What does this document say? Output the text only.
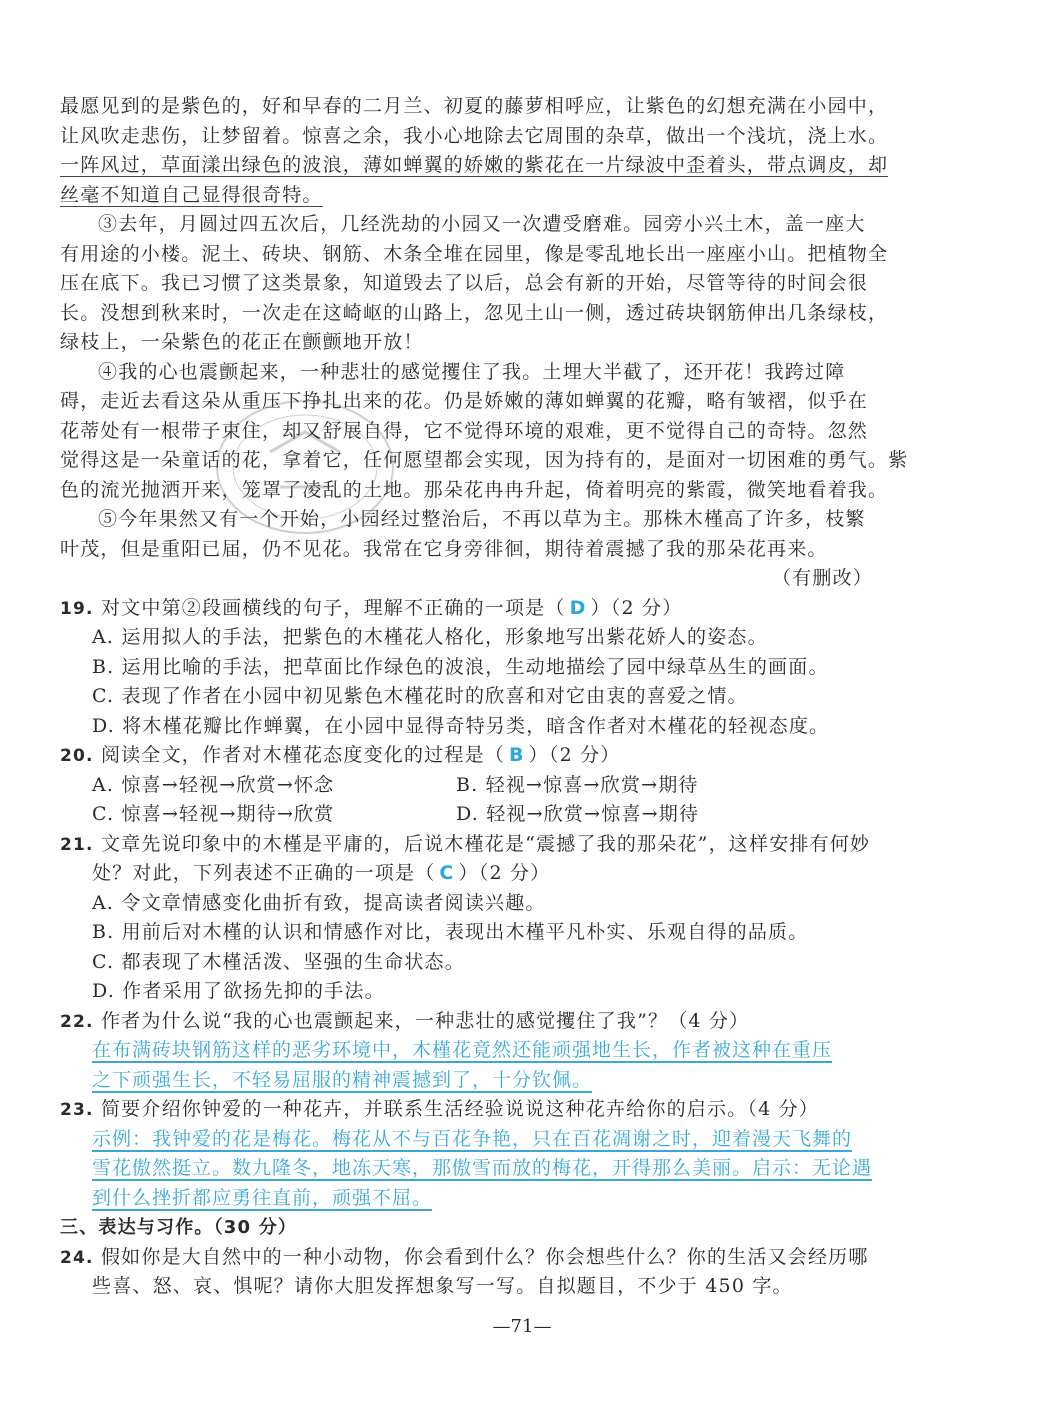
最愿见到的是紫色的，好和早春的二月兰、初夏的藤萝相呼应，让紫色的幻想充满在小园中，
让风吹走悲伤，让梦留着。惊喜之余，我小心地除去它周围的杂草，做出一个浅坑，浇上水。
一阵风过，草面漾出绿色的波浪，薄如蝉翼的娇嫩的紫花在一片绿波中歪着头，带点调皮，却
丝毫不知道自己显得很奇特。
③去年，月圆过四五次后，几经洗劫的小园又一次遭受磨难。园旁小兴土木，盖一座大
有用途的小楼。泥土、砖块、钢筋、木条全堆在园里，像是零乱地长出一座座小山。把植物全
压在底下。我已习惯了这类景象，知道毁去了以后，总会有新的开始，尽管等待的时间会很
长。没想到秋来时，一次走在这崎岖的山路上，忽见土山一侧，透过砖块钢筋伸出几条绿枝，
绿枝上，一朵紫色的花正在颤颤地开放！
④我的心也震颤起来，一种悲壮的感觉攫住了我。土埋大半截了，还开花！我跨过障
碍，走近去看这朵从重压下挣扎出来的花。仍是娇嫩的薄如蝉翼的花瓣，略有皱褶，似乎在
花蒂处有一根带子束住，却又舒展自得，它不觉得环境的艰难，更不觉得自己的奇特。忽然
觉得这是一朵童话的花，拿着它，任何愿望都会实现，因为持有的，是面对一切困难的勇气。紫
色的流光抛洒开来，笼罩了凌乱的土地。那朵花冉冉升起，倚着明亮的紫霞，微笑地看着我。
⑤今年果然又有一个开始，小园经过整治后，不再以草为主。那株木槿高了许多，枝繁
叶茂，但是重阳已届，仍不见花。我常在它身旁徘徊，期待着震撼了我的那朵花再来。
（有删改）
19. 对文中第②段画横线的句子，理解不正确的一项是（ D ）（2 分）
A. 运用拟人的手法，把紫色的木槿花人格化，形象地写出紫花娇人的姿态。
B. 运用比喻的手法，把草面比作绿色的波浪，生动地描绘了园中绿草丛生的画面。
C. 表现了作者在小园中初见紫色木槿花时的欣喜和对它由衷的喜爱之情。
D. 将木槿花瓣比作蝉翼，在小园中显得奇特另类，暗含作者对木槿花的轻视态度。
20. 阅读全文，作者对木槿花态度变化的过程是（ B ）（2 分）
A. 惊喜→轻视→欣赏→怀念	B. 轻视→惊喜→欣赏→期待
C. 惊喜→轻视→期待→欣赏	D. 轻视→欣赏→惊喜→期待
21. 文章先说印象中的木槿是平庸的，后说木槿花是“震撼了我的那朵花”，这样安排有何妙
处？对此，下列表述不正确的一项是（ C ）（2 分）
A. 令文章情感变化曲折有致，提高读者阅读兴趣。
B. 用前后对木槿的认识和情感作对比，表现出木槿平凡朴实、乐观自得的品质。
C. 都表现了木槿活泼、坚强的生命状态。
D. 作者采用了欲扬先抑的手法。
22. 作者为什么说“我的心也震颤起来，一种悲壮的感觉攫住了我”？（4 分）
在布满砖块钢筋这样的恶劣环境中，木槿花竟然还能顽强地生长，作者被这种在重压
之下顽强生长，不轻易屈服的精神震撼到了，十分钦佩。
23. 简要介绍你钟爱的一种花卉，并联系生活经验说说这种花卉给你的启示。（4 分）
示例：我钟爱的花是梅花。梅花从不与百花争艳，只在百花凋谢之时，迎着漫天飞舞的
雪花傲然挺立。数九隆冬，地冻天寒，那傲雪而放的梅花，开得那么美丽。启示：无论遇
到什么挫折都应勇往直前，顽强不屈。
三、表达与习作。（30 分）
24. 假如你是大自然中的一种小动物，你会看到什么？你会想些什么？你的生活又会经历哪
些喜、怒、哀、惧呢？请你大胆发挥想象写一写。自拟题目，不少于 450 字。
—71—
